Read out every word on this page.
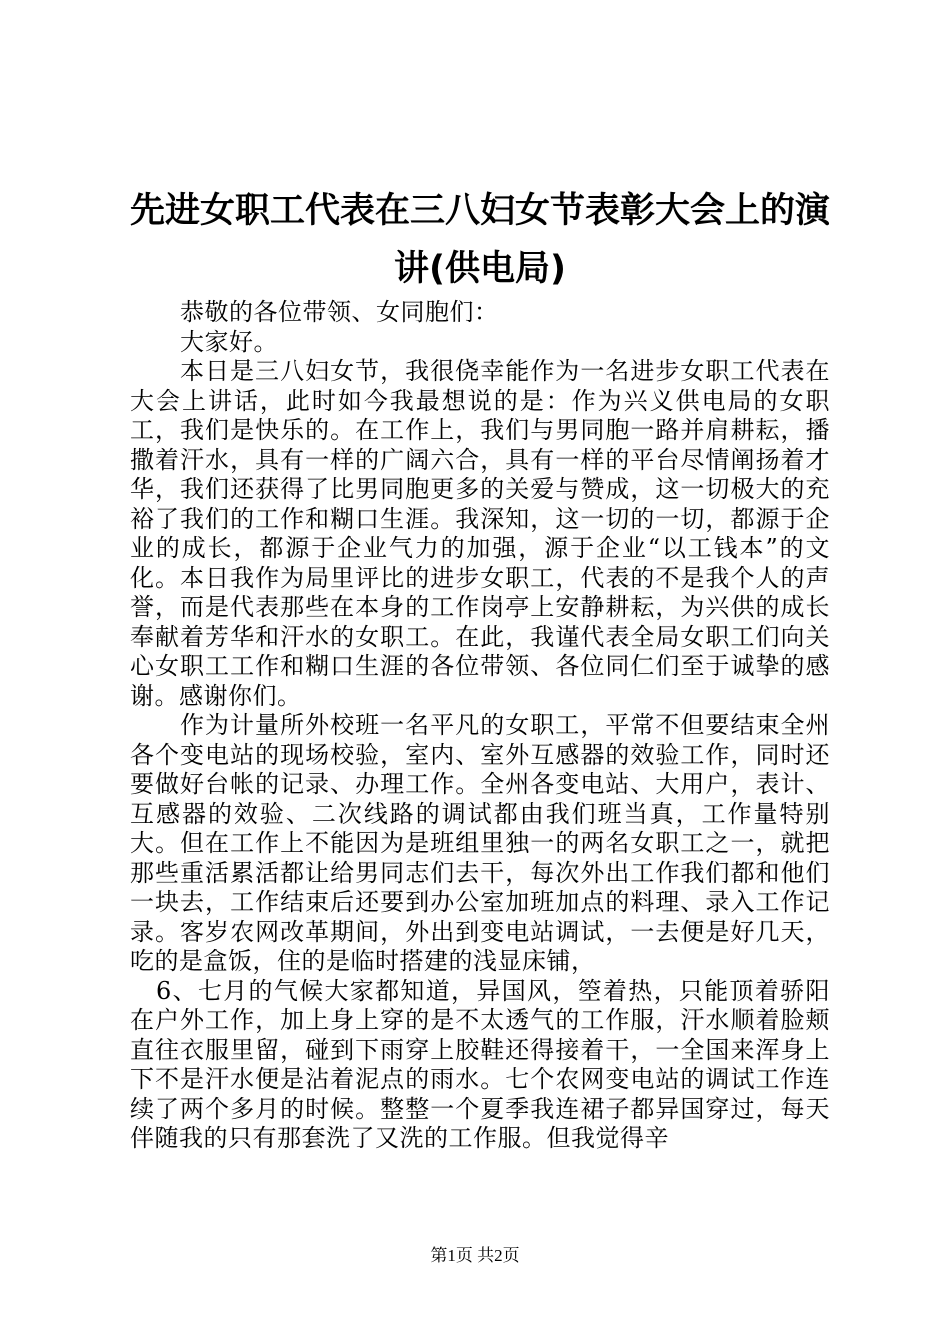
先进女职工代表在三八妇女节表彰大会上的演讲(供电局)

恭敬的各位带领、女同胞们：

大家好。

本日是三八妇女节，我很侥幸能作为一名进步女职工代表在大会上讲话，此时如今我最想说的是：作为兴义供电局的女职工，我们是快乐的。在工作上，我们与男同胞一路并肩耕耘，播撒着汗水，具有一样的广阔六合，具有一样的平台尽情阐扬着才华，我们还获得了比男同胞更多的关爱与赞成，这一切极大的充裕了我们的工作和糊口生涯。我深知，这一切的一切，都源于企业的成长，都源于企业气力的加强，源于企业“以工钱本”的文化。本日我作为局里评比的进步女职工，代表的不是我个人的声誉，而是代表那些在本身的工作岗亭上安静耕耘，为兴供的成长奉献着芳华和汗水的女职工。在此，我谨代表全局女职工们向关心女职工工作和糊口生涯的各位带领、各位同仁们至于诚挚的感谢。感谢你们。

作为计量所外校班一名平凡的女职工，平常不但要结束全州各个变电站的现场校验，室内、室外互感器的效验工作，同时还要做好台帐的记录、办理工作。全州各变电站、大用户，表计、互感器的效验、二次线路的调试都由我们班当真，工作量特别大。但在工作上不能因为是班组里独一的两名女职工之一，就把那些重活累活都让给男同志们去干，每次外出工作我们都和他们一块去，工作结束后还要到办公室加班加点的料理、录入工作记录。客岁农网改革期间，外出到变电站调试，一去便是好几天，吃的是盒饭，住的是临时搭建的浅显床铺，

6、七月的气候大家都知道，异国风，箜着热，只能顶着骄阳在户外工作，加上身上穿的是不太透气的工作服，汗水顺着脸颊直往衣服里留，碰到下雨穿上胶鞋还得接着干，一全国来浑身上下不是汗水便是沾着泥点的雨水。七个农网变电站的调试工作连续了两个多月的时候。整整一个夏季我连裙子都异国穿过，每天伴随我的只有那套洗了又洗的工作服。但我觉得辛

第1页 共2页
